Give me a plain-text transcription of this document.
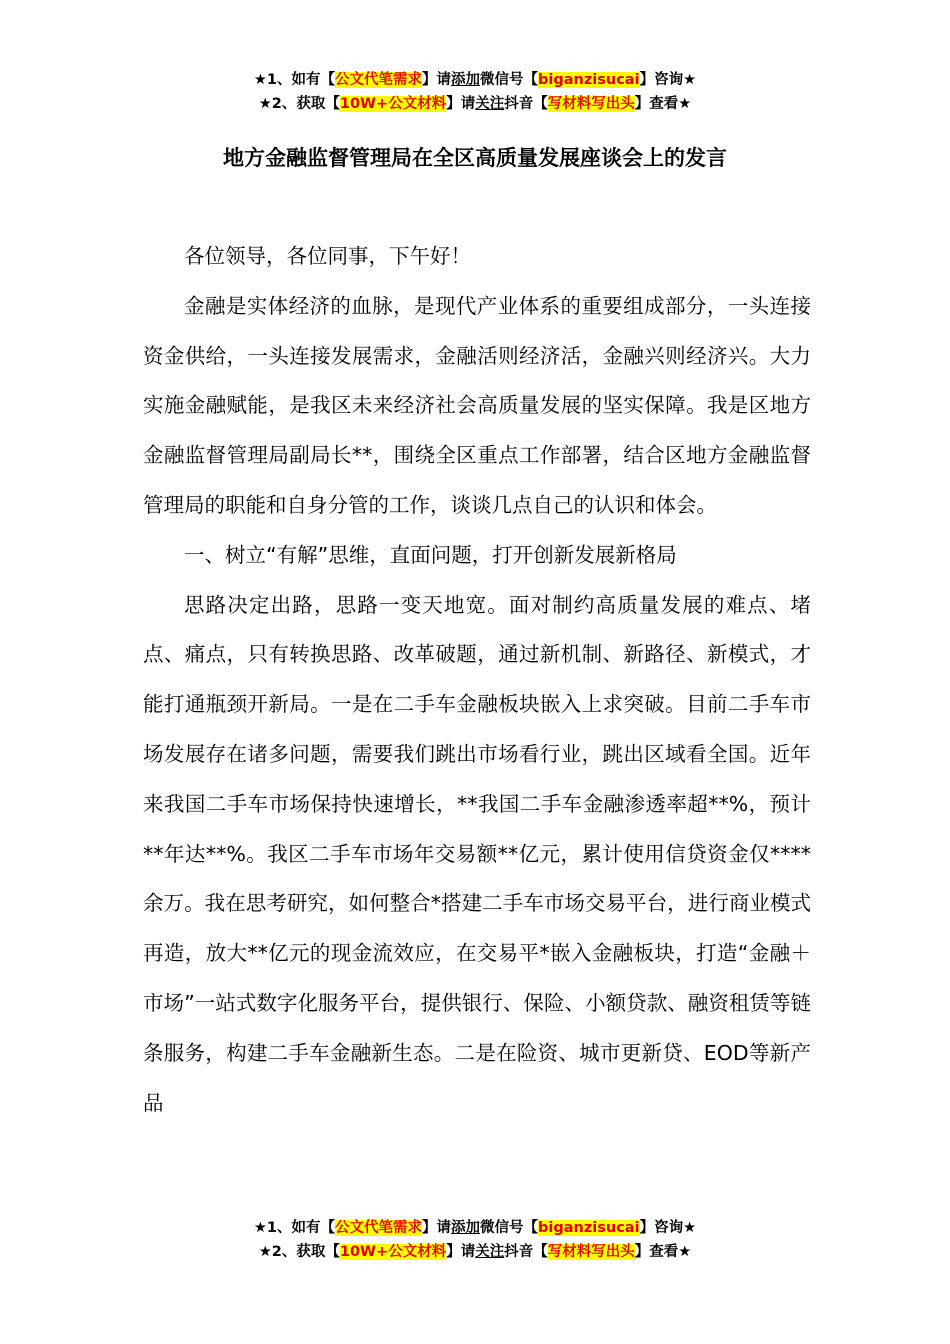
★1、如有【公文代笔需求】请添加微信号【biganzisucai】咨询★
★2、获取【10W+公文材料】请关注抖音【写材料写出头】查看★
地方金融监督管理局在全区高质量发展座谈会上的发言

各位领导，各位同事，下午好！

金融是实体经济的血脉，是现代产业体系的重要组成部分，一头连接资金供给，一头连接发展需求，金融活则经济活，金融兴则经济兴。大力实施金融赋能，是我区未来经济社会高质量发展的坚实保障。我是区地方金融监督管理局副局长**，围绕全区重点工作部署，结合区地方金融监督管理局的职能和自身分管的工作，谈谈几点自己的认识和体会。

一、树立“有解”思维，直面问题，打开创新发展新格局

思路决定出路，思路一变天地宽。面对制约高质量发展的难点、堵点、痛点，只有转换思路、改革破题，通过新机制、新路径、新模式，才能打通瓶颈开新局。一是在二手车金融板块嵌入上求突破。目前二手车市场发展存在诸多问题，需要我们跳出市场看行业，跳出区域看全国。近年来我国二手车市场保持快速增长，**我国二手车金融渗透率超**%，预计**年达**%。我区二手车市场年交易额**亿元，累计使用信贷资金仅****余万。我在思考研究，如何整合*搭建二手车市场交易平台，进行商业模式再造，放大**亿元的现金流效应，在交易平*嵌入金融板块，打造“金融＋市场”一站式数字化服务平台，提供银行、保险、小额贷款、融资租赁等链条服务，构建二手车金融新生态。二是在险资、城市更新贷、EOD等新产品

★1、如有【公文代笔需求】请添加微信号【biganzisucai】咨询★
★2、获取【10W+公文材料】请关注抖音【写材料写出头】查看★
